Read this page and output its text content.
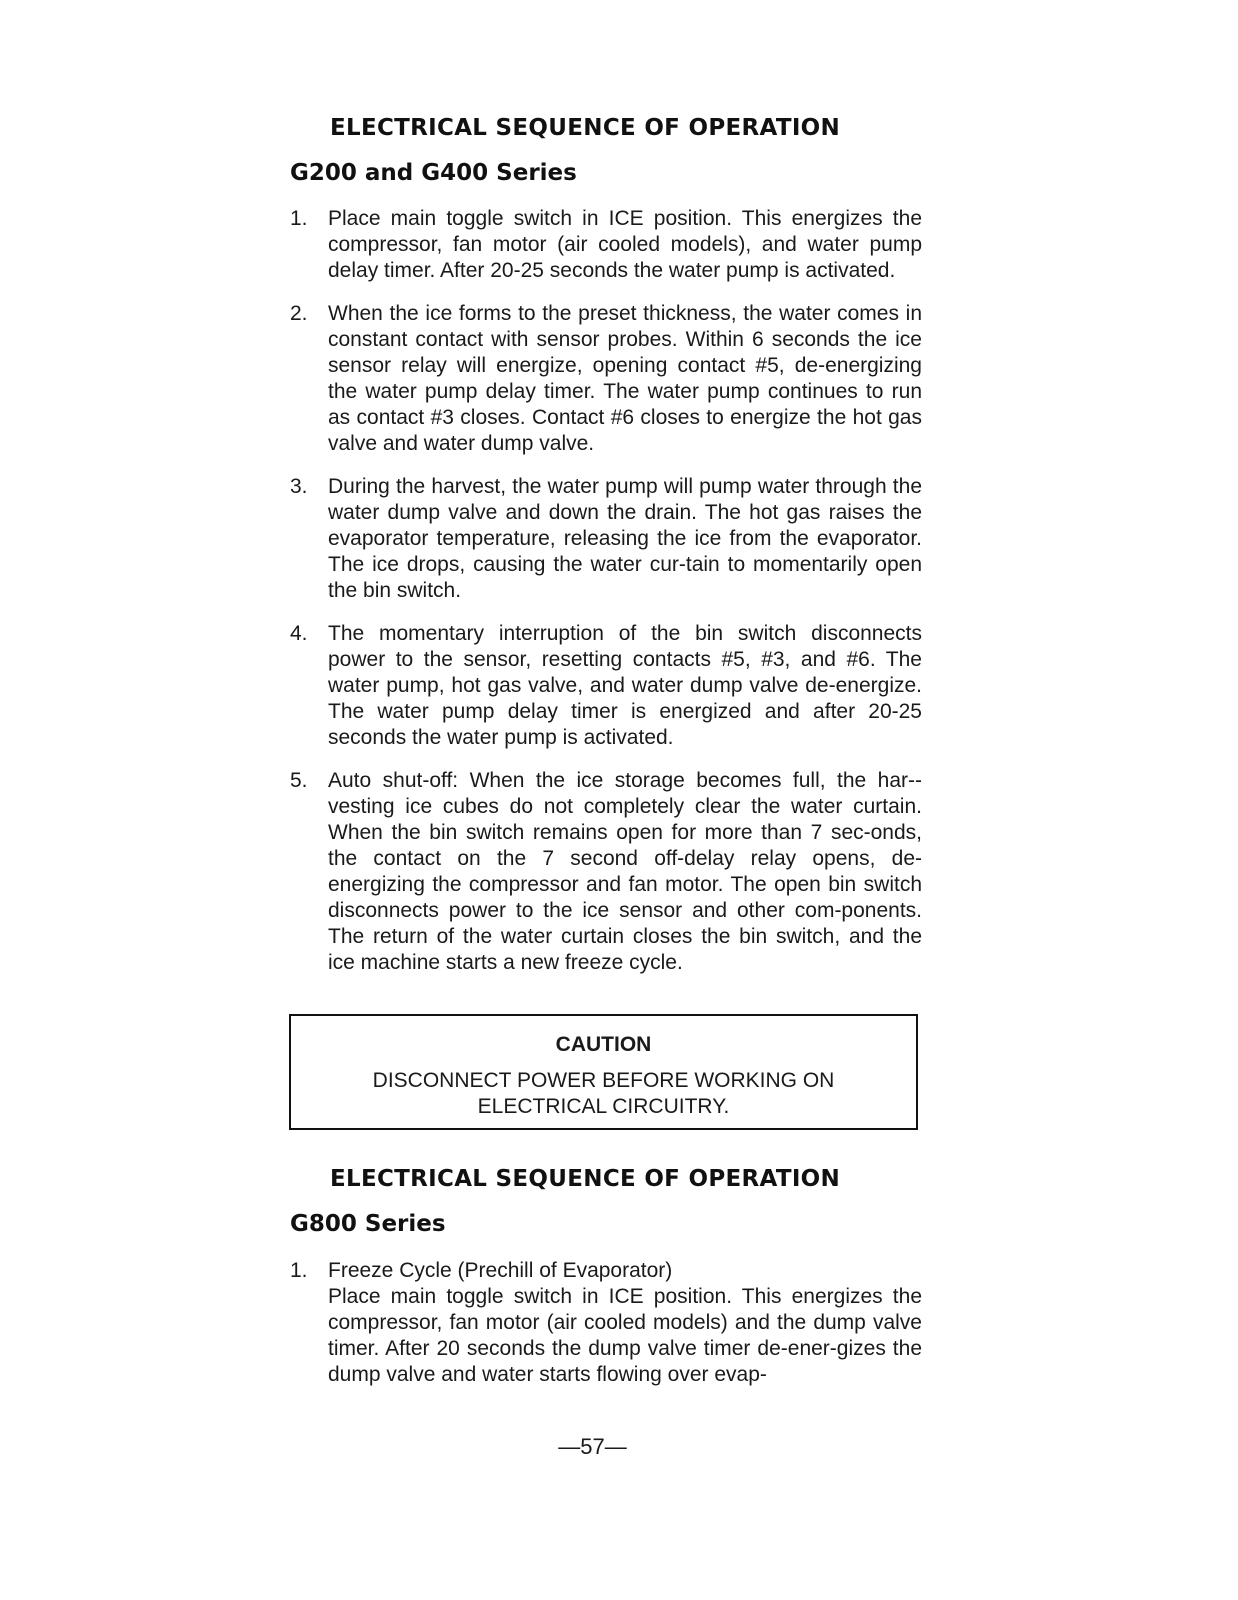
ELECTRICAL SEQUENCE OF OPERATION
G200 and G400 Series
1. Place main toggle switch in ICE position. This energizes the compressor, fan motor (air cooled models), and water pump delay timer. After 20-25 seconds the water pump is activated.
2. When the ice forms to the preset thickness, the water comes in constant contact with sensor probes. Within 6 seconds the ice sensor relay will energize, opening contact #5, de-energizing the water pump delay timer. The water pump continues to run as contact #3 closes. Contact #6 closes to energize the hot gas valve and water dump valve.
3. During the harvest, the water pump will pump water through the water dump valve and down the drain. The hot gas raises the evaporator temperature, releasing the ice from the evaporator. The ice drops, causing the water cur-tain to momentarily open the bin switch.
4. The momentary interruption of the bin switch disconnects power to the sensor, resetting contacts #5, #3, and #6. The water pump, hot gas valve, and water dump valve de-energize. The water pump delay timer is energized and after 20-25 seconds the water pump is activated.
5. Auto shut-off: When the ice storage becomes full, the har-vesting ice cubes do not completely clear the water curtain. When the bin switch remains open for more than 7 sec-onds, the contact on the 7 second off-delay relay opens, de-energizing the compressor and fan motor. The open bin switch disconnects power to the ice sensor and other com-ponents. The return of the water curtain closes the bin switch, and the ice machine starts a new freeze cycle.
CAUTION
DISCONNECT POWER BEFORE WORKING ON ELECTRICAL CIRCUITRY.
ELECTRICAL SEQUENCE OF OPERATION
G800 Series
1. Freeze Cycle (Prechill of Evaporator)
Place main toggle switch in ICE position. This energizes the compressor, fan motor (air cooled models) and the dump valve timer. After 20 seconds the dump valve timer de-ener-gizes the dump valve and water starts flowing over evap-
—57—
